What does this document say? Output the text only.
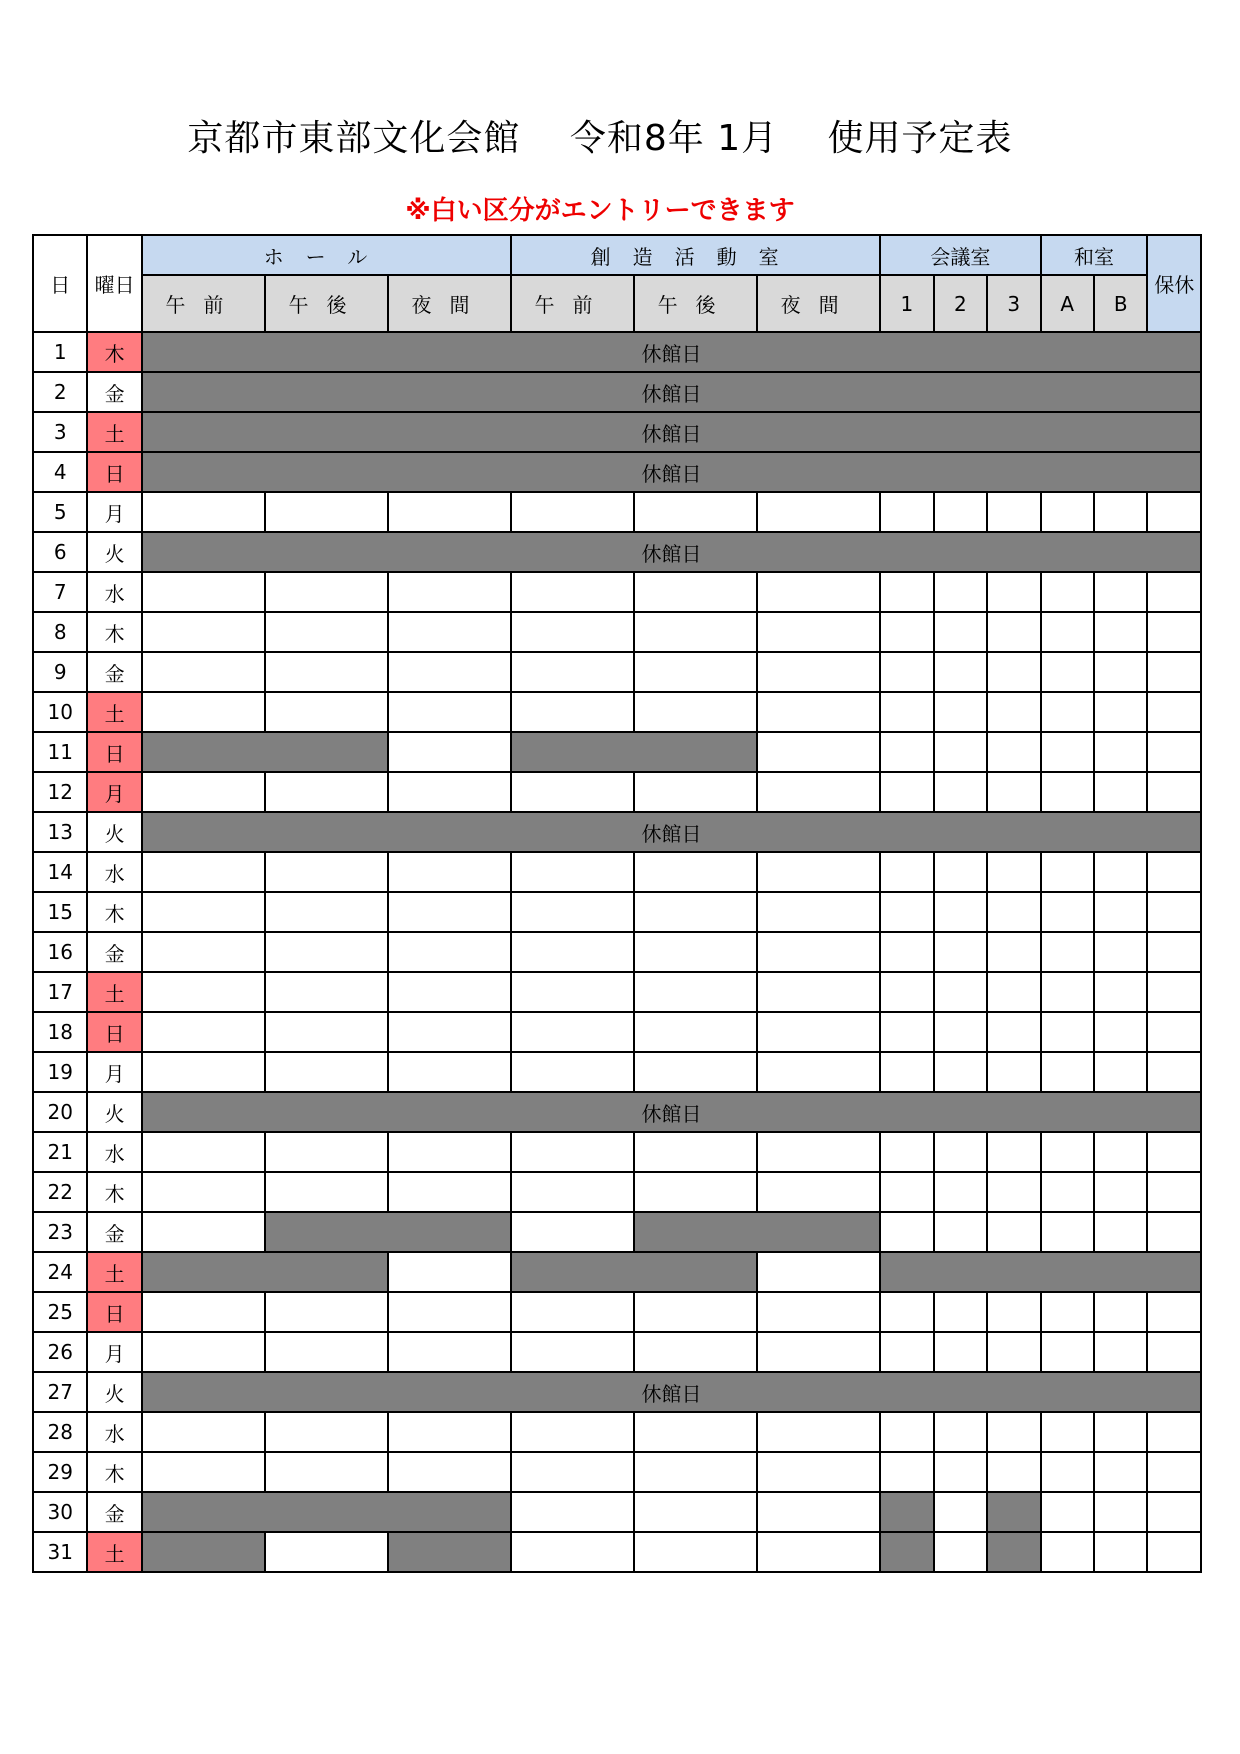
京都市東部文化会館　 令和8年 1月　 使用予定表
※白い区分がエントリーできます
日	曜日	ホール			創造活動室			会議室			和室		保休
		午前	午後	夜間	午前	午後	夜間	1	2	3	A	B	
1	木	休館日											
2	金	休館日											
3	土	休館日											
4	日	休館日											
5	月												
6	火	休館日											
7	水												
8	木												
9	金												
10	土												
11	日												
12	月												
13	火	休館日											
14	水												
15	木												
16	金												
17	土												
18	日												
19	月												
20	火	休館日											
21	水												
22	木												
23	金												
24	土												
25	日												
26	月												
27	火	休館日											
28	水												
29	木												
30	金												
31	土												
